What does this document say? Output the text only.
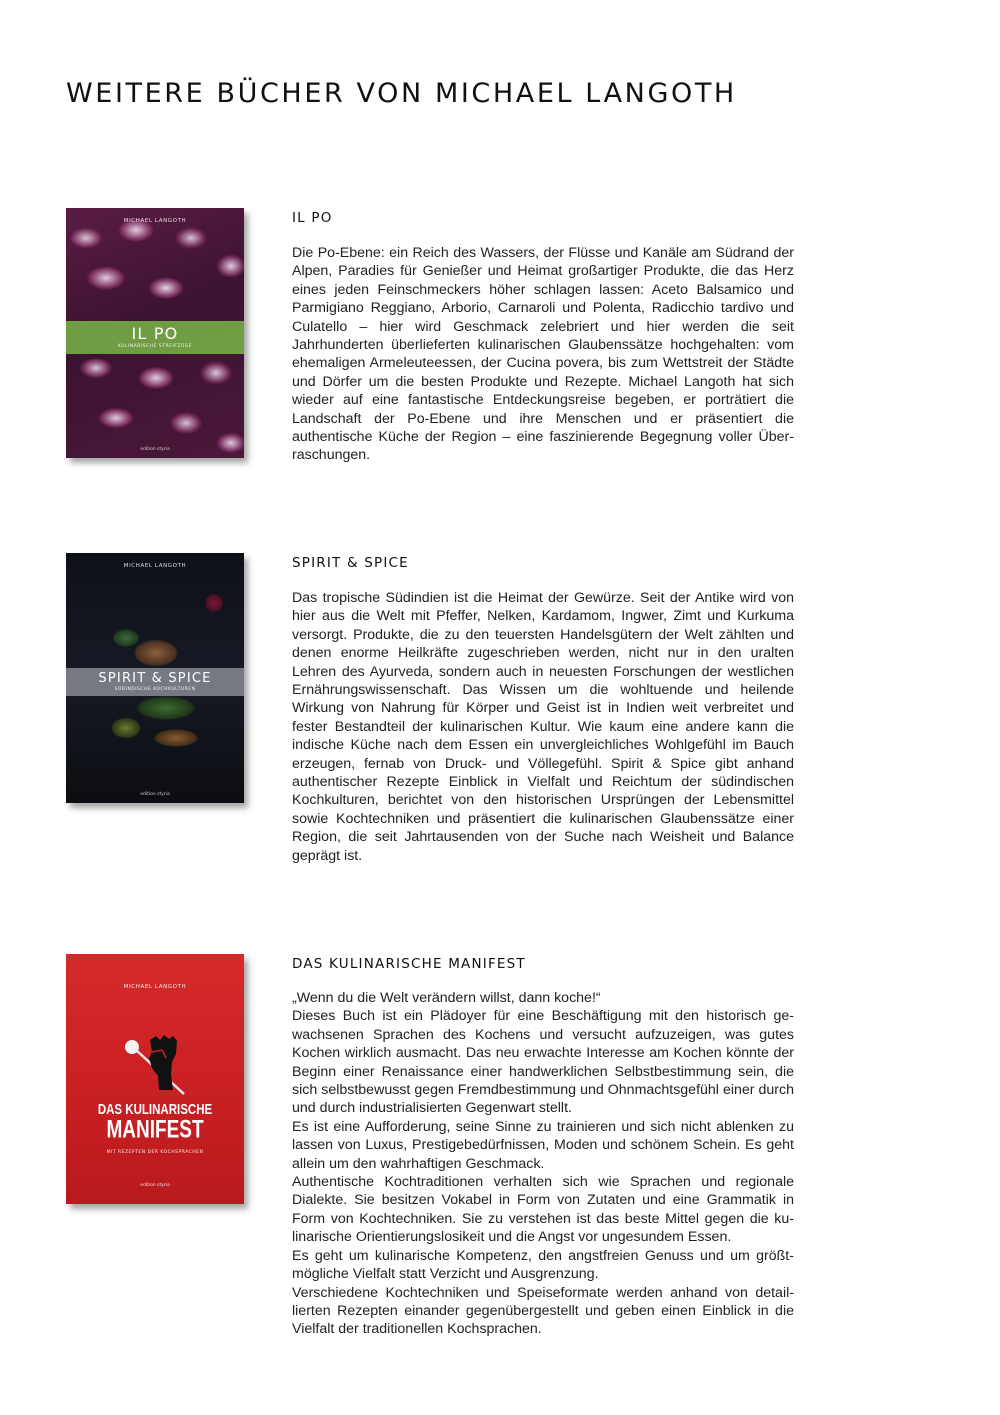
WEITERE BÜCHER VON MICHAEL LANGOTH
MICHAEL LANGOTH
IL PO
KULINARISCHE STREIFZÜGE
edition styria
IL PO

Die Po-Ebene: ein Reich des Wassers, der Flüsse und Kanäle am Südrand der Alpen, Paradies für Genießer und Heimat großartiger Produkte, die das Herz eines jeden Feinschmeckers höher schlagen lassen: Aceto Balsamico und Parmigiano Reggiano, Arborio, Carnaroli und Polenta, Radicchio tardivo und Culatello – hier wird Geschmack zelebriert und hier werden die seit Jahrhunderten überlieferten kulinarischen Glaubenssätze hochgehalten: vom ehemaligen Armeleuteessen, der Cucina povera, bis zum Wettstreit der Städte und Dörfer um die besten Produkte und Rezepte. Michael Langoth hat sich wieder auf eine fantastische Entdeckungsreise begeben, er porträtiert die Landschaft der Po-Ebene und ihre Menschen und er präsentiert die authentische Küche der Region – eine faszinierende Begegnung voller Überraschungen.

MICHAEL LANGOTH
SPIRIT & SPICE
SÜDINDISCHE KOCHKULTUREN
edition styria
SPIRIT & SPICE

Das tropische Südindien ist die Heimat der Gewürze. Seit der Antike wird von hier aus die Welt mit Pfeffer, Nelken, Kardamom, Ingwer, Zimt und Kurkuma versorgt. Produkte, die zu den teuersten Handelsgütern der Welt zählten und denen enorme Heilkräfte zugeschrieben werden, nicht nur in den uralten Lehren des Ayurveda, sondern auch in neuesten Forschungen der westlichen Ernährungswissenschaft. Das Wissen um die wohltuende und heilende Wirkung von Nahrung für Körper und Geist ist in Indien weit verbreitet und fester Bestandteil der kulinarischen Kultur. Wie kaum eine andere kann die indische Küche nach dem Essen ein unvergleichliches Wohlgefühl im Bauch erzeugen, fernab von Druck- und Völlegefühl. Spirit & Spice gibt anhand authentischer Rezepte Einblick in Vielfalt und Reichtum der südindischen Kochkulturen, berichtet von den historischen Ursprüngen der Lebensmittel sowie Kochtechniken und präsentiert die kulinarischen Glaubenssätze einer Region, die seit Jahrtausenden von der Suche nach Weisheit und Balance geprägt ist.

MICHAEL LANGOTH
DAS KULINARISCHE
MANIFEST
MIT REZEPTEN DER KOCHSPRACHEN
edition styria
DAS KULINARISCHE MANIFEST

„Wenn du die Welt verändern willst, dann koche!“

Dieses Buch ist ein Plädoyer für eine Beschäftigung mit den historisch gewachsenen Sprachen des Kochens und versucht aufzuzeigen, was gutes Kochen wirklich ausmacht. Das neu erwachte Interesse am Kochen könnte der Beginn einer Renaissance einer handwerklichen Selbstbestimmung sein, die sich selbstbewusst gegen Fremdbestimmung und Ohnmachtsgefühl einer durch und durch industrialisierten Gegenwart stellt.

Es ist eine Aufforderung, seine Sinne zu trainieren und sich nicht ablenken zu lassen von Luxus, Prestigebedürfnissen, Moden und schönem Schein. Es geht allein um den wahrhaftigen Geschmack.

Authentische Kochtraditionen verhalten sich wie Sprachen und regionale Dialekte. Sie besitzen Vokabel in Form von Zutaten und eine Grammatik in Form von Kochtechniken. Sie zu verstehen ist das beste Mittel gegen die kulinarische Orientierungslosikeit und die Angst vor ungesundem Essen.

Es geht um kulinarische Kompetenz, den angstfreien Genuss und um größtmögliche Vielfalt statt Verzicht und Ausgrenzung.

Verschiedene Kochtechniken und Speiseformate werden anhand von detaillierten Rezepten einander gegenübergestellt und geben einen Einblick in die Vielfalt der traditionellen Kochsprachen.
